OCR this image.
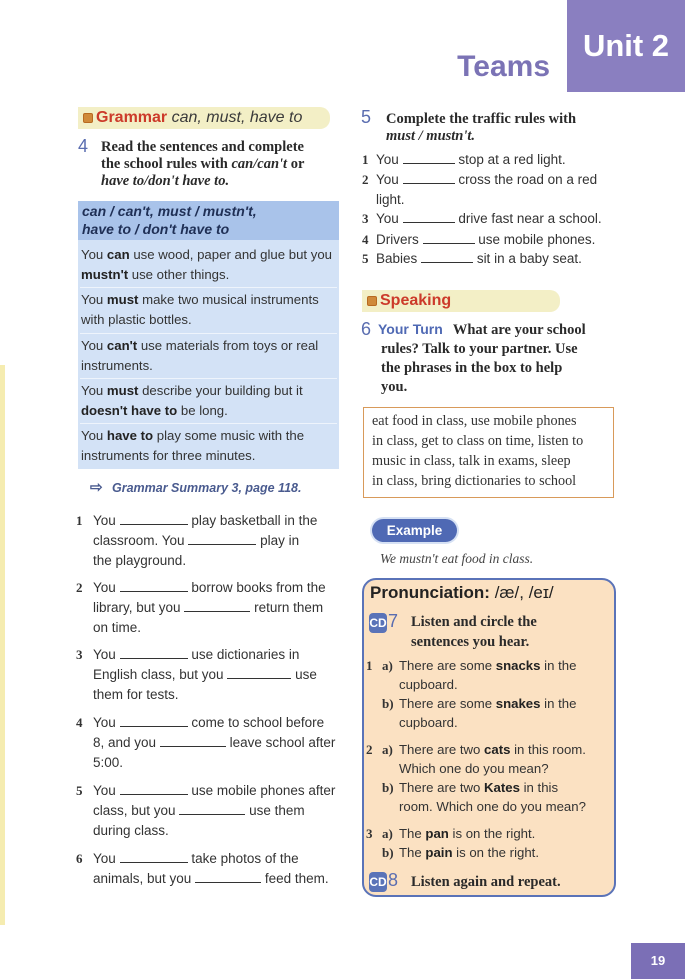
Unit 2
Teams
Grammar can, must, have to
4 Read the sentences and complete
the school rules with can/can't or
have to/don't have to.
can / can't, must / mustn't,
have to / don't have to
You can use wood, paper and glue but you
mustn't use other things.
You must make two musical instruments
with plastic bottles.
You can't use materials from toys or real
instruments.
You must describe your building but it
doesn't have to be long.
You have to play some music with the
instruments for three minutes.
⇨ Grammar Summary 3, page 118.
1 You	play basketball in the
classroom. You	play in
the playground.
2 You	borrow books from the
library, but you	return them
on time.
3 You	use dictionaries in
English class, but you	use
them for tests.
4 You	come to school before
8, and you	leave school after
5:00.
5 You	use mobile phones after
class, but you	use them
during class.
6 You	take photos of the
animals, but you	feed them.
5 Complete the traffic rules with
must / mustn't.
1 You	stop at a red light.
2 You	cross the road on a red
light.
3 You	drive fast near a school.
4 Drivers	use mobile phones.
5 Babies	sit in a baby seat.
Speaking
6 Your Turn What are your school
rules? Talk to your partner. Use
the phrases in the box to help
you.
eat food in class, use mobile phones
in class, get to class on time, listen to
music in class, talk in exams, sleep
in class, bring dictionaries to school
Example
We mustn't eat food in class.
Pronunciation: /æ/, /eɪ/
CD 7 Listen and circle the
sentences you hear.
1 a) There are some snacks in the
cupboard.
b) There are some snakes in the
cupboard.
2 a) There are two cats in this room.
Which one do you mean?
b) There are two Kates in this
room. Which one do you mean?
3 a) The pan is on the right.
b) The pain is on the right.
CD 8 Listen again and repeat.
19
